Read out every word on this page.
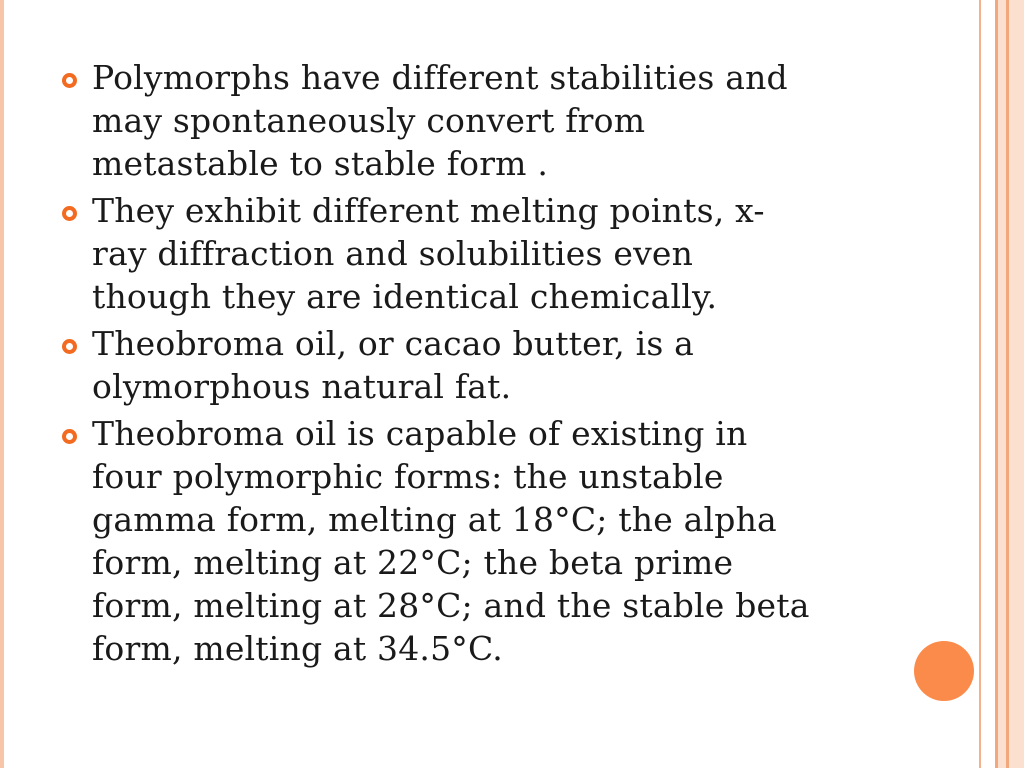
Polymorphs have different stabilities and
may spontaneously convert from
metastable to stable form .
They exhibit different melting points, x-
ray diffraction and solubilities even
though they are identical chemically.
Theobroma oil, or cacao butter, is a
olymorphous natural fat.
Theobroma oil is capable of existing in
four polymorphic forms: the unstable
gamma form, melting at 18°C; the alpha
form, melting at 22°C; the beta prime
form, melting at 28°C; and the stable beta
form, melting at 34.5°C.
